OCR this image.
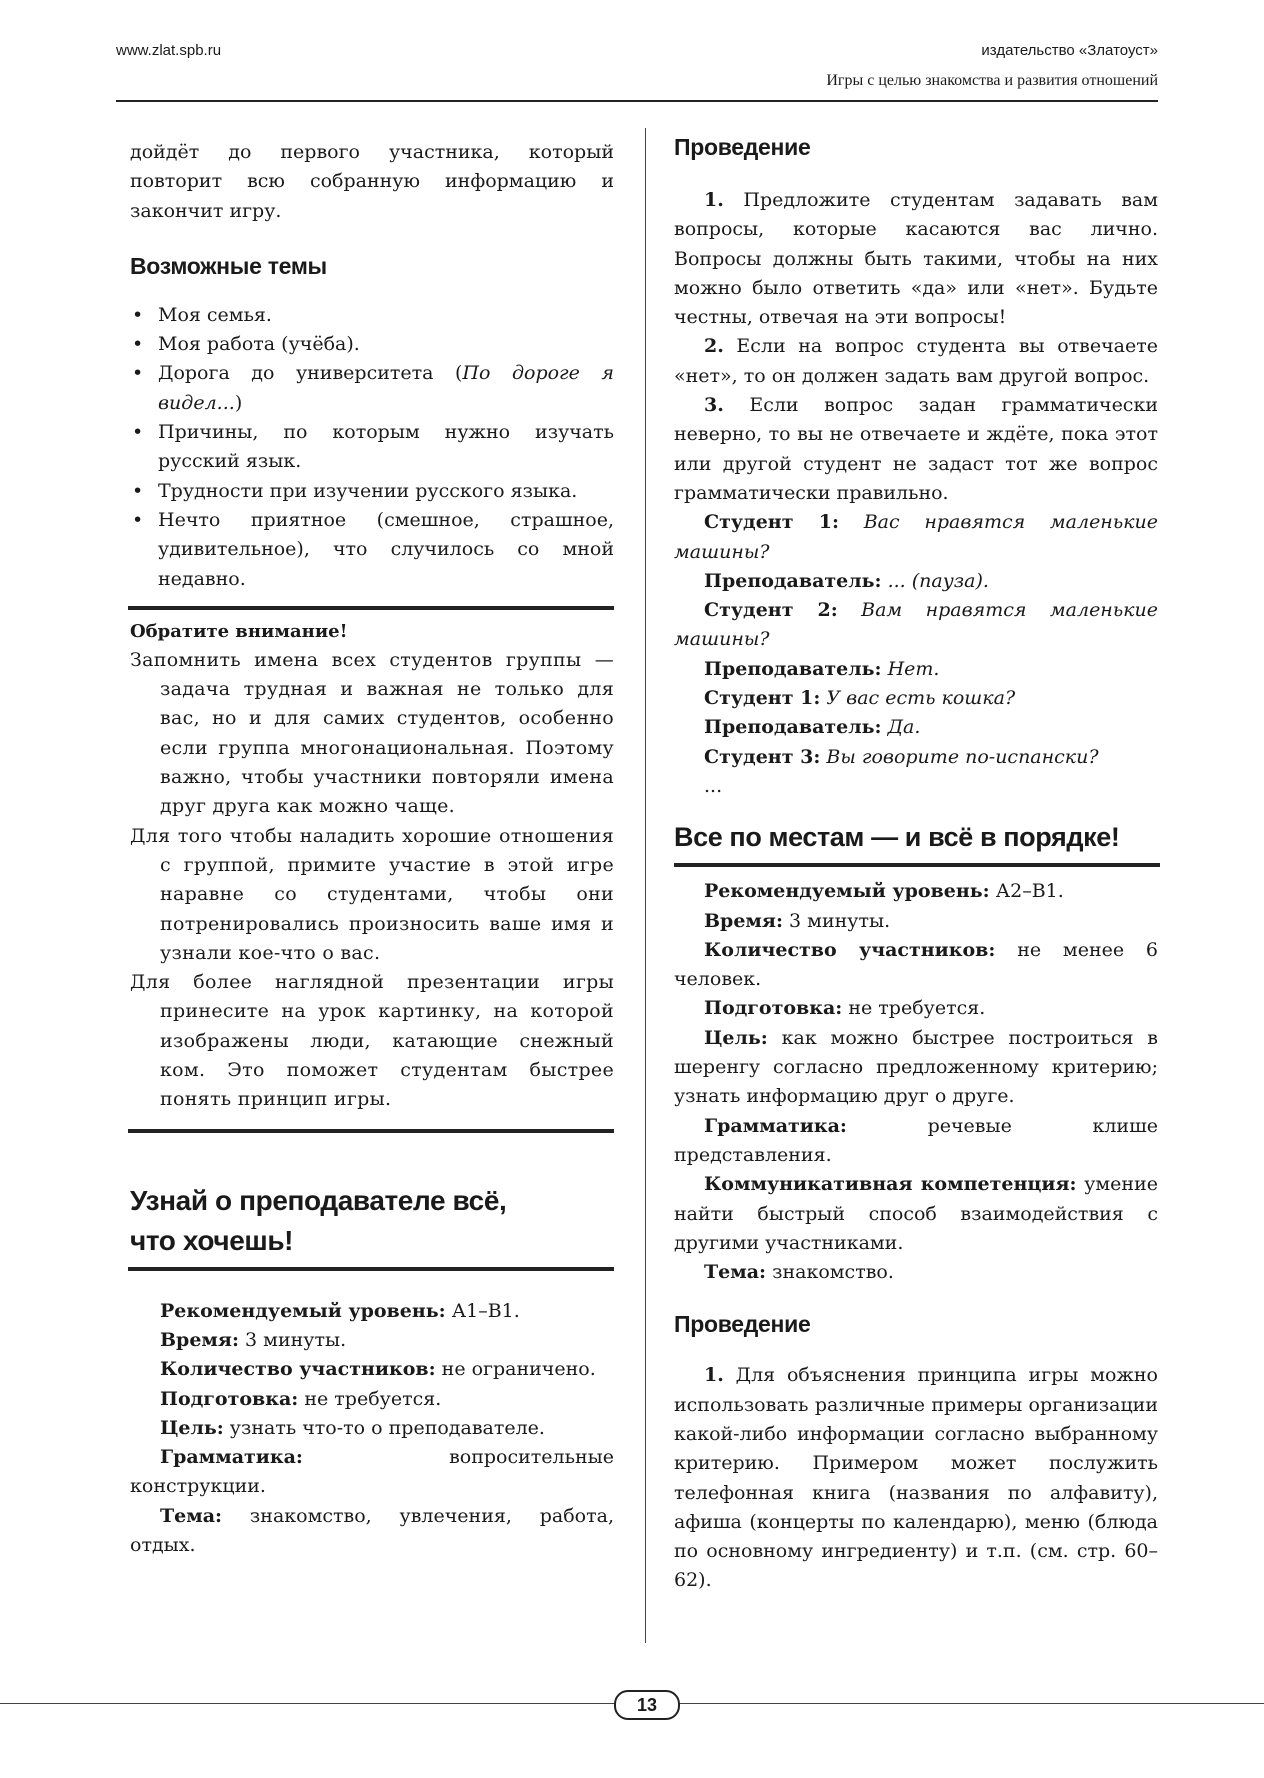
www.zlat.spb.ru	издательство «Златоуст»
Игры с целью знакомства и развития отношений

дойдёт до первого участника, который повторит всю собранную информацию и закончит игру.

Возможные темы
• Моя семья.
• Моя работа (учёба).
• Дорога до университета (По дороге я видел...)
• Причины, по которым нужно изучать русский язык.
• Трудности при изучении русского языка.
• Нечто приятное (смешное, страшное, удивительное), что случилось со мной недавно.
Обратите внимание!

Запомнить имена всех студентов группы — задача трудная и важная не только для вас, но и для самих студентов, особенно если группа многонациональная. Поэтому важно, чтобы участники повторяли имена друг друга как можно чаще.

Для того чтобы наладить хорошие отношения с группой, примите участие в этой игре наравне со студентами, чтобы они потренировались произносить ваше имя и узнали кое-что о вас.

Для более наглядной презентации игры принесите на урок картинку, на которой изображены люди, катающие снежный ком. Это поможет студентам быстрее понять принцип игры.

Узнай о преподавателе всё,
что хочешь!

Рекомендуемый уровень: А1–В1.

Время: 3 минуты.

Количество участников: не ограничено.

Подготовка: не требуется.

Цель: узнать что-то о преподавателе.

Грамматика: вопросительные конструкции.

Тема: знакомство, увлечения, работа, отдых.

Проведение

1. Предложите студентам задавать вам вопросы, которые касаются вас лично. Вопросы должны быть такими, чтобы на них можно было ответить «да» или «нет». Будьте честны, отвечая на эти вопросы!

2. Если на вопрос студента вы отвечаете «нет», то он должен задать вам другой вопрос.

3. Если вопрос задан грамматически неверно, то вы не отвечаете и ждёте, пока этот или другой студент не задаст тот же вопрос грамматически правильно.

Студент 1: Вас нравятся маленькие машины?

Преподаватель: ... (пауза).

Студент 2: Вам нравятся маленькие машины?

Преподаватель: Нет.

Студент 1: У вас есть кошка?

Преподаватель: Да.

Студент 3: Вы говорите по-испански?

...

Все по местам — и всё в порядке!

Рекомендуемый уровень: А2–В1.

Время: 3 минуты.

Количество участников: не менее 6 человек.

Подготовка: не требуется.

Цель: как можно быстрее построиться в шеренгу согласно предложенному критерию; узнать информацию друг о друге.

Грамматика: речевые клише представления.

Коммуникативная компетенция: умение найти быстрый способ взаимодействия с другими участниками.

Тема: знакомство.

Проведение

1. Для объяснения принципа игры можно использовать различные примеры организации какой-либо информации согласно выбранному критерию. Примером может послужить телефонная книга (названия по алфавиту), афиша (концерты по календарю), меню (блюда по основному ингредиенту) и т.п. (см. стр. 60–62).

13
